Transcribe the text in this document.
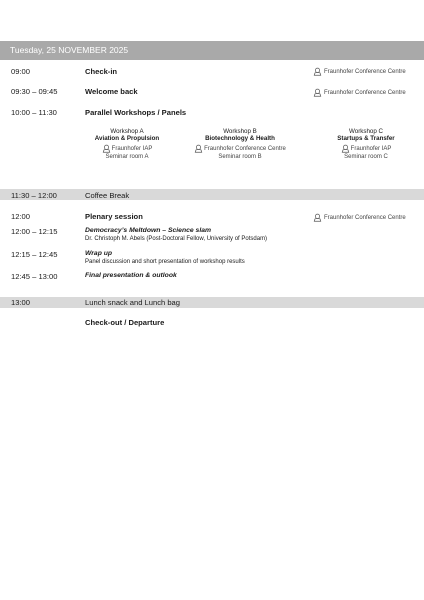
Tuesday, 25 NOVEMBER 2025
09:00	Check-in	Fraunhofer Conference Centre
09:30 – 09:45	Welcome back	Fraunhofer Conference Centre
10:00 – 11:30	Parallel Workshops / Panels
Workshop A
Aviation & Propulsion
Fraunhofer IAP
Seminar room A
Workshop B
Biotechnology & Health
Fraunhofer Conference Centre
Seminar room B
Workshop C
Startups & Transfer
Fraunhofer IAP
Seminar room C
11:30 – 12:00	Coffee Break
12:00	Plenary session	Fraunhofer Conference Centre
12:00 – 12:15	Democracy’s Meltdown – Science slam
Dr. Christoph M. Abels (Post-Doctoral Fellow, University of Potsdam)
12:15 – 12:45	Wrap up
Panel discussion and short presentation of workshop results
12:45 – 13:00	Final presentation & outlook
13:00	Lunch snack and Lunch bag
Check-out / Departure
